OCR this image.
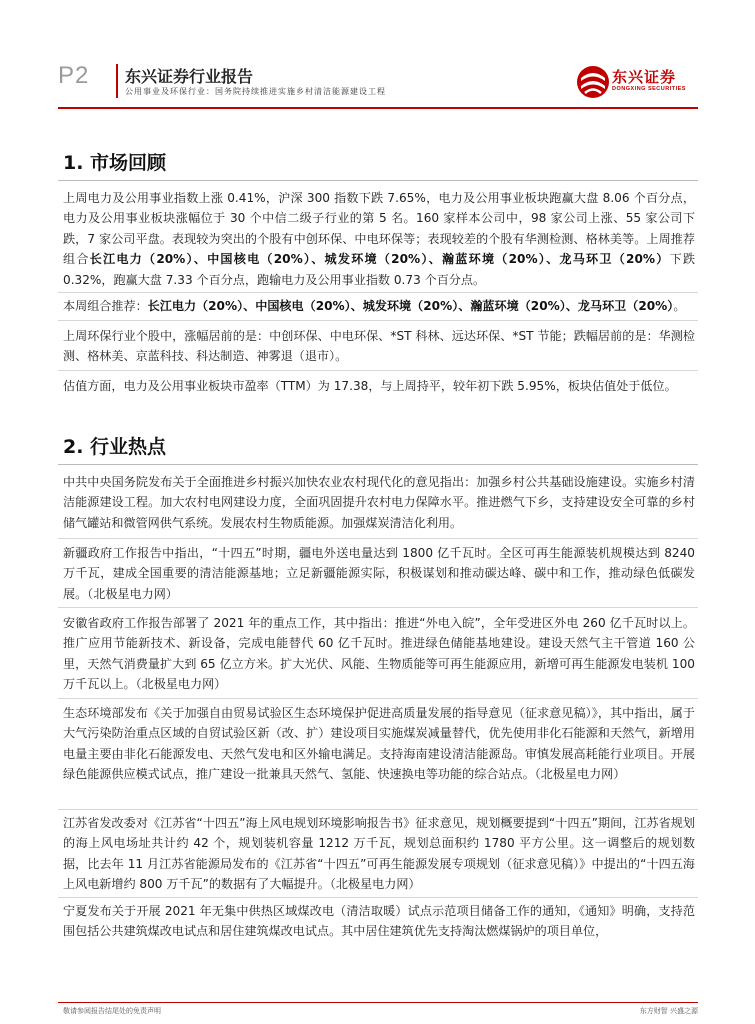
P2 东兴证券行业报告
公用事业及环保行业：国务院持续推进实施乡村清洁能源建设工程
东兴证券
DONGXING SECURITIES
1. 市场回顾
上周电力及公用事业指数上涨 0.41%，沪深 300 指数下跌 7.65%，电力及公用事业板块跑赢大盘 8.06 个百分点，电力及公用事业板块涨幅位于 30 个中信二级子行业的第 5 名。160 家样本公司中，98 家公司上涨、55 家公司下跌，7 家公司平盘。表现较为突出的个股有中创环保、中电环保等；表现较差的个股有华测检测、格林美等。上周推荐组合长江电力（20%）、中国核电（20%）、城发环境（20%）、瀚蓝环境（20%）、龙马环卫（20%）下跌 0.32%，跑赢大盘 7.33 个百分点，跑输电力及公用事业指数 0.73 个百分点。
本周组合推荐：长江电力（20%）、中国核电（20%）、城发环境（20%）、瀚蓝环境（20%）、龙马环卫（20%）。
上周环保行业个股中，涨幅居前的是：中创环保、中电环保、*ST 科林、远达环保、*ST 节能；跌幅居前的是：华测检测、格林美、京蓝科技、科达制造、神雾退（退市）。
估值方面，电力及公用事业板块市盈率（TTM）为 17.38，与上周持平，较年初下跌 5.95%，板块估值处于低位。
2. 行业热点
中共中央国务院发布关于全面推进乡村振兴加快农业农村现代化的意见指出：加强乡村公共基础设施建设。实施乡村清洁能源建设工程。加大农村电网建设力度，全面巩固提升农村电力保障水平。推进燃气下乡，支持建设安全可靠的乡村储气罐站和微管网供气系统。发展农村生物质能源。加强煤炭清洁化利用。
新疆政府工作报告中指出，“十四五”时期，疆电外送电量达到 1800 亿千瓦时。全区可再生能源装机规模达到 8240 万千瓦，建成全国重要的清洁能源基地；立足新疆能源实际，积极谋划和推动碳达峰、碳中和工作，推动绿色低碳发展。（北极星电力网）
安徽省政府工作报告部署了 2021 年的重点工作，其中指出：推进“外电入皖”，全年受进区外电 260 亿千瓦时以上。推广应用节能新技术、新设备，完成电能替代 60 亿千瓦时。推进绿色储能基地建设。建设天然气主干管道 160 公里，天然气消费量扩大到 65 亿立方米。扩大光伏、风能、生物质能等可再生能源应用，新增可再生能源发电装机 100 万千瓦以上。（北极星电力网）
生态环境部发布《关于加强自由贸易试验区生态环境保护促进高质量发展的指导意见（征求意见稿）》，其中指出，属于大气污染防治重点区域的自贸试验区新（改、扩）建设项目实施煤炭减量替代，优先使用非化石能源和天然气，新增用电量主要由非化石能源发电、天然气发电和区外输电满足。支持海南建设清洁能源岛。审慎发展高耗能行业项目。开展绿色能源供应模式试点，推广建设一批兼具天然气、氢能、快速换电等功能的综合站点。（北极星电力网）
江苏省发改委对《江苏省“十四五”海上风电规划环境影响报告书》征求意见，规划概要提到“十四五”期间，江苏省规划的海上风电场址共计约 42 个，规划装机容量 1212 万千瓦，规划总面积约 1780 平方公里。这一调整后的规划数据，比去年 11 月江苏省能源局发布的《江苏省“十四五”可再生能源发展专项规划（征求意见稿）》中提出的“十四五海上风电新增约 800 万千瓦”的数据有了大幅提升。（北极星电力网）
宁夏发布关于开展 2021 年无集中供热区域煤改电（清洁取暖）试点示范项目储备工作的通知，《通知》明确，支持范围包括公共建筑煤改电试点和居住建筑煤改电试点。其中居住建筑优先支持淘汰燃煤锅炉的项目单位，
敬请参阅报告结尾处的免责声明	东方财智 兴盛之源
